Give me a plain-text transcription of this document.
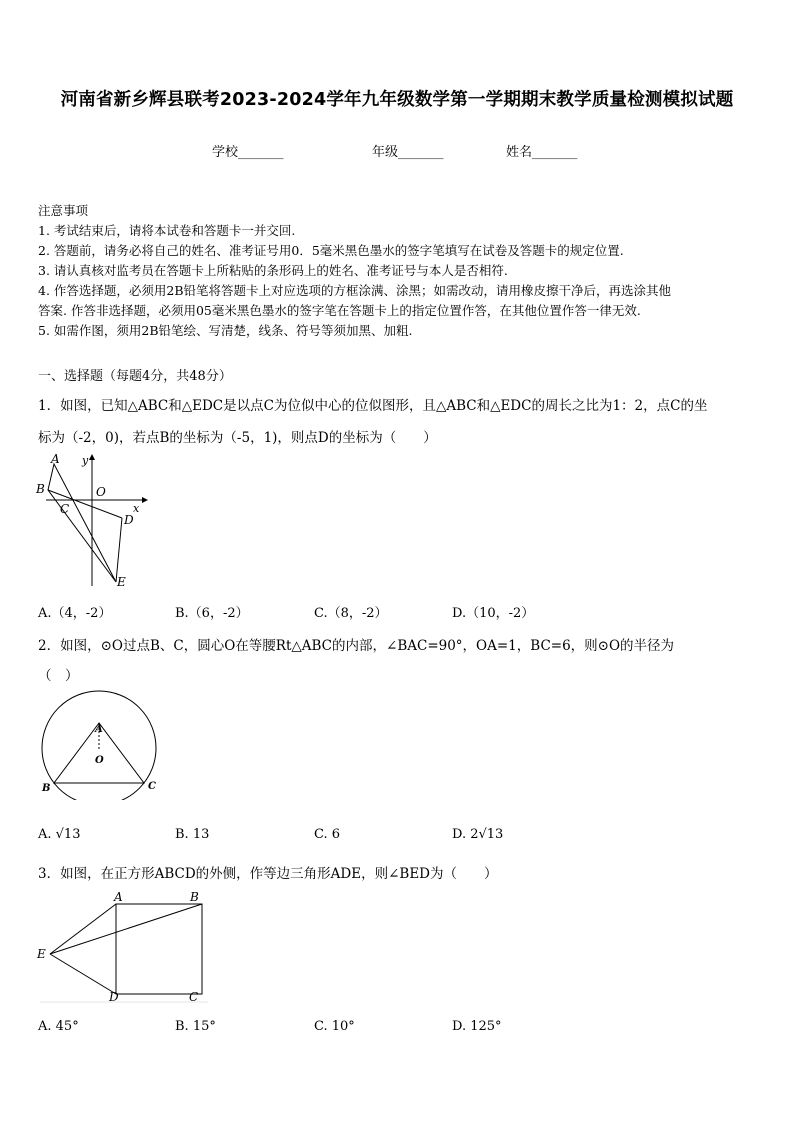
河南省新乡辉县联考2023-2024学年九年级数学第一学期期末教学质量检测模拟试题
学校_______	年级_______	姓名_______
注意事项
1. 考试结束后，请将本试卷和答题卡一并交回.
2. 答题前，请务必将自己的姓名、准考证号用0．5毫米黑色墨水的签字笔填写在试卷及答题卡的规定位置.
3. 请认真核对监考员在答题卡上所粘贴的条形码上的姓名、准考证号与本人是否相符.
4. 作答选择题，必须用2B铅笔将答题卡上对应选项的方框涂满、涂黑；如需改动，请用橡皮擦干净后，再选涂其他
答案. 作答非选择题，必须用05毫米黑色墨水的签字笔在答题卡上的指定位置作答，在其他位置作答一律无效.
5. 如需作图，须用2B铅笔绘、写清楚，线条、符号等须加黑、加粗.
一、选择题（每题4分，共48分）
1．如图，已知△ABC和△EDC是以点C为位似中心的位似图形，且△ABC和△EDC的周长之比为1：2，点C的坐
标为（-2，0)，若点B的坐标为（-5，1)，则点D的坐标为（　　）
A
B
C
D
E
O
x
y
A.（4，-2）	B.（6，-2）	C.（8，-2）	D.（10，-2）
2．如图，⊙O过点B、C，圆心O在等腰Rt△ABC的内部，∠BAC=90°，OA=1，BC=6，则⊙O的半径为
（　）
A
O
B	C
A. √13	B. 13	C. 6	D. 2√13
3．如图，在正方形ABCD的外侧，作等边三角形ADE，则∠BED为（　　）
A	B
C
D
E
A. 45°	B. 15°	C. 10°	D. 125°
